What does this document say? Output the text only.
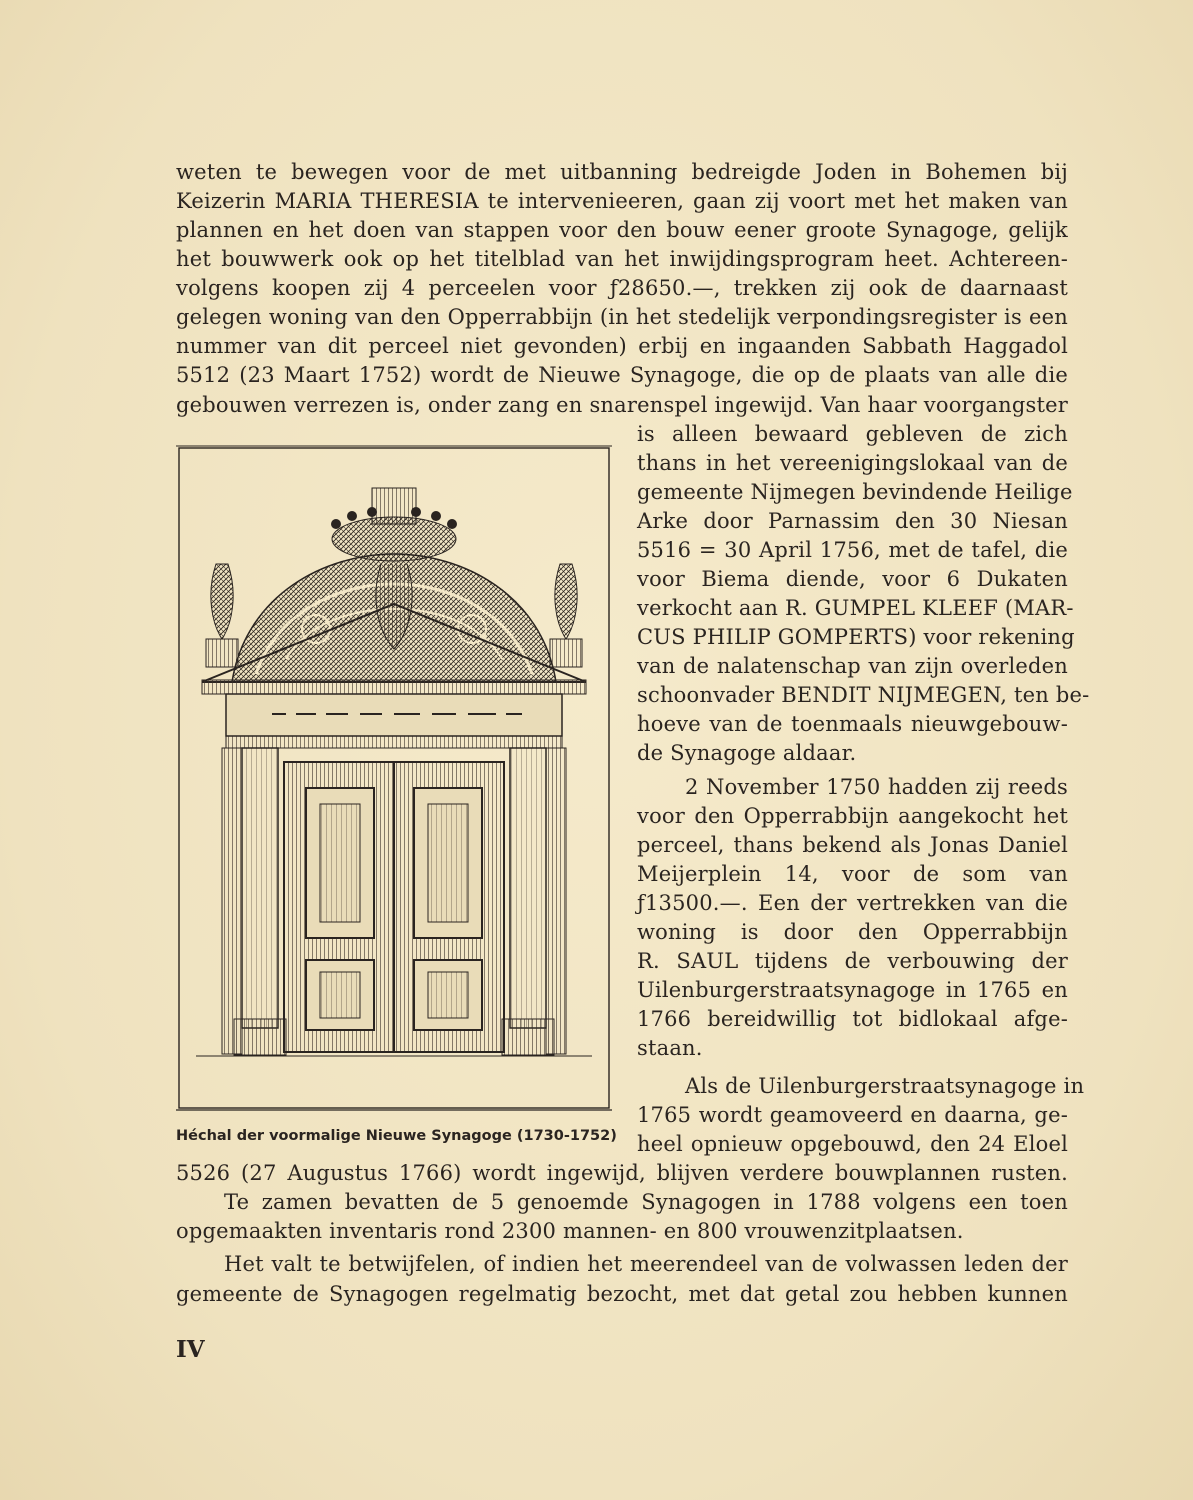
weten te bewegen voor de met uitbanning bedreigde Joden in Bohemen bij
Keizerin MARIA THERESIA te intervenieeren, gaan zij voort met het maken van
plannen en het doen van stappen voor den bouw eener groote Synagoge, gelijk
het bouwwerk ook op het titelblad van het inwijdingsprogram heet. Achtereen-
volgens koopen zij 4 perceelen voor ƒ28650.—, trekken zij ook de daarnaast
gelegen woning van den Opperrabbijn (in het stedelijk verpondingsregister is een
nummer van dit perceel niet gevonden) erbij en ingaanden Sabbath Haggadol
5512 (23 Maart 1752) wordt de Nieuwe Synagoge, die op de plaats van alle die
gebouwen verrezen is, onder zang en snarenspel ingewijd. Van haar voorgangster
is alleen bewaard gebleven de zich
thans in het vereenigingslokaal van de
gemeente Nijmegen bevindende Heilige
Arke door Parnassim den 30 Niesan
5516 = 30 April 1756, met de tafel, die
voor Biema diende, voor 6 Dukaten
verkocht aan R. GUMPEL KLEEF (MAR-
CUS PHILIP GOMPERTS) voor rekening
van de nalatenschap van zijn overleden
schoonvader BENDIT NIJMEGEN, ten be-
hoeve van de toenmaals nieuwgebouw-
de Synagoge aldaar.
2 November 1750 hadden zij reeds
voor den Opperrabbijn aangekocht het
perceel, thans bekend als Jonas Daniel
Meijerplein 14, voor de som van
ƒ13500.—. Een der vertrekken van die
woning is door den Opperrabbijn
R. SAUL tijdens de verbouwing der
Uilenburgerstraatsynagoge in 1765 en
1766 bereidwillig tot bidlokaal afge-
staan.
Als de Uilenburgerstraatsynagoge in
1765 wordt geamoveerd en daarna, ge-
heel opnieuw opgebouwd, den 24 Eloel
5526 (27 Augustus 1766) wordt ingewijd, blijven verdere bouwplannen rusten.
Te zamen bevatten de 5 genoemde Synagogen in 1788 volgens een toen
opgemaakten inventaris rond 2300 mannen- en 800 vrouwenzitplaatsen.
Het valt te betwijfelen, of indien het meerendeel van de volwassen leden der
gemeente de Synagogen regelmatig bezocht, met dat getal zou hebben kunnen
Héchal der voormalige Nieuwe Synagoge (1730-1752)
IV
